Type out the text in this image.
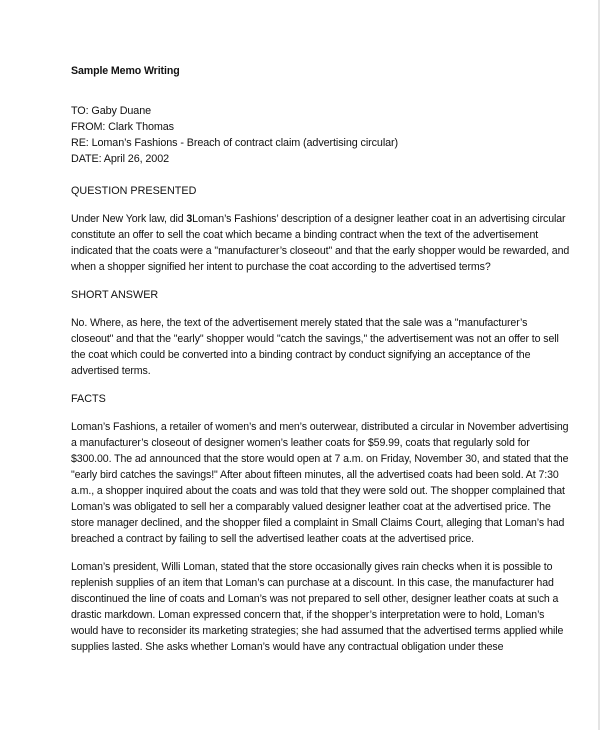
Sample Memo Writing
TO: Gaby Duane
FROM: Clark Thomas
RE: Loman’s Fashions - Breach of contract claim (advertising circular)
DATE: April 26, 2002
QUESTION PRESENTED
Under New York law, did 3Loman’s Fashions’ description of a designer leather coat in an advertising circular
constitute an offer to sell the coat which became a binding contract when the text of the advertisement
indicated that the coats were a "manufacturer’s closeout" and that the early shopper would be rewarded, and
when a shopper signified her intent to purchase the coat according to the advertised terms?
SHORT ANSWER
No. Where, as here, the text of the advertisement merely stated that the sale was a "manufacturer’s
closeout" and that the "early" shopper would "catch the savings," the advertisement was not an offer to sell
the coat which could be converted into a binding contract by conduct signifying an acceptance of the
advertised terms.
FACTS
Loman’s Fashions, a retailer of women’s and men’s outerwear, distributed a circular in November advertising
a manufacturer’s closeout of designer women’s leather coats for $59.99, coats that regularly sold for
$300.00. The ad announced that the store would open at 7 a.m. on Friday, November 30, and stated that the
"early bird catches the savings!" After about fifteen minutes, all the advertised coats had been sold. At 7:30
a.m., a shopper inquired about the coats and was told that they were sold out. The shopper complained that
Loman’s was obligated to sell her a comparably valued designer leather coat at the advertised price. The
store manager declined, and the shopper filed a complaint in Small Claims Court, alleging that Loman’s had
breached a contract by failing to sell the advertised leather coats at the advertised price.
Loman’s president, Willi Loman, stated that the store occasionally gives rain checks when it is possible to
replenish supplies of an item that Loman’s can purchase at a discount. In this case, the manufacturer had
discontinued the line of coats and Loman’s was not prepared to sell other, designer leather coats at such a
drastic markdown. Loman expressed concern that, if the shopper’s interpretation were to hold, Loman’s
would have to reconsider its marketing strategies; she had assumed that the advertised terms applied while
supplies lasted. She asks whether Loman’s would have any contractual obligation under these
